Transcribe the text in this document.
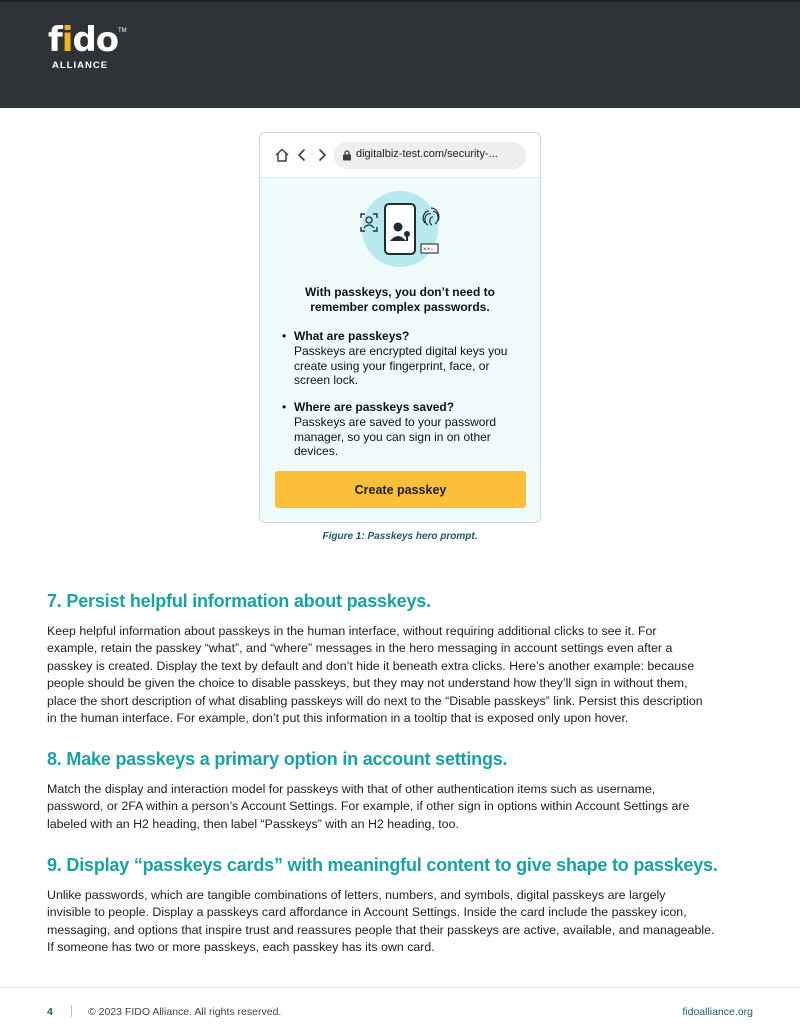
fido TM
ALLIANCE
digitalbiz-test.com/security-...
××-
With passkeys, you don’t need to
remember complex passwords.
• What are passkeys?
Passkeys are encrypted digital keys you
create using your fingerprint, face, or
screen lock.
• Where are passkeys saved?
Passkeys are saved to your password
manager, so you can sign in on other
devices.
Create passkey
Figure 1: Passkeys hero prompt.
7. Persist helpful information about passkeys.
Keep helpful information about passkeys in the human interface, without requiring additional clicks to see it. For
example, retain the passkey “what”, and “where” messages in the hero messaging in account settings even after a
passkey is created. Display the text by default and don’t hide it beneath extra clicks. Here’s another example: because
people should be given the choice to disable passkeys, but they may not understand how they’ll sign in without them,
place the short description of what disabling passkeys will do next to the “Disable passkeys” link. Persist this description
in the human interface. For example, don’t put this information in a tooltip that is exposed only upon hover.
8. Make passkeys a primary option in account settings.
Match the display and interaction model for passkeys with that of other authentication items such as username,
password, or 2FA within a person’s Account Settings. For example, if other sign in options within Account Settings are
labeled with an H2 heading, then label “Passkeys” with an H2 heading, too.
9. Display “passkeys cards” with meaningful content to give shape to passkeys.
Unlike passwords, which are tangible combinations of letters, numbers, and symbols, digital passkeys are largely
invisible to people. Display a passkeys card affordance in Account Settings. Inside the card include the passkey icon,
messaging, and options that inspire trust and reassures people that their passkeys are active, available, and manageable.
If someone has two or more passkeys, each passkey has its own card.
4	© 2023 FIDO Alliance. All rights reserved.	fidoalliance.org
